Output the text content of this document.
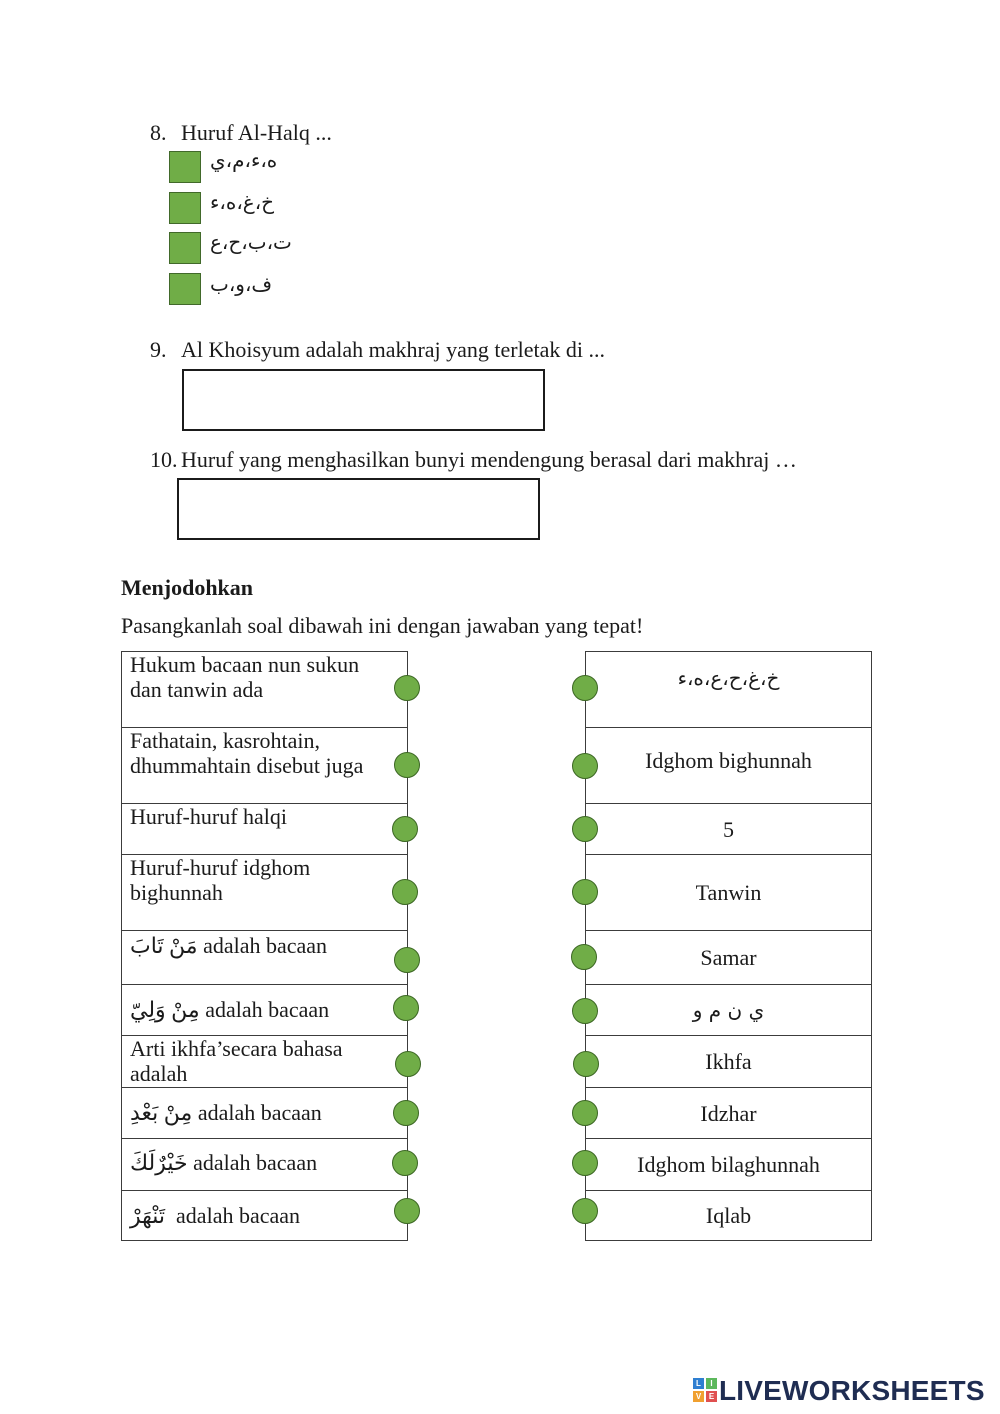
8. Huruf Al-Halq ...
ه،ء،م،ي
خ،غ،ه،ء
ت،ب،ح،ع
ف،و،ب
9. Al Khoisyum adalah makhraj yang terletak di ...
10. Huruf yang menghasilkan bunyi mendengung berasal dari makhraj …
Menjodohkan
Pasangkanlah soal dibawah ini dengan jawaban yang tepat!
Hukum bacaan nun sukun
dan tanwin ada
Fathatain, kasrohtain,
dhummahtain disebut juga
Huruf-huruf halqi
Huruf-huruf idghom
bighunnah
مَنْ تَابَ adalah bacaan
مِنْ وَلِيّ adalah bacaan
Arti ikhfa’secara bahasa
adalah
مِنْ بَعْدِ adalah bacaan
خَيْرٌلَكَ adalah bacaan
تَنْهَرْ  adalah bacaan
خ،غ،ح،ع،ه،ء
Idghom bighunnah
5
Tanwin
Samar
ي ن م و
Ikhfa
Idzhar
Idghom bilaghunnah
Iqlab
L	I
V E LIVEWORKSHEETS
